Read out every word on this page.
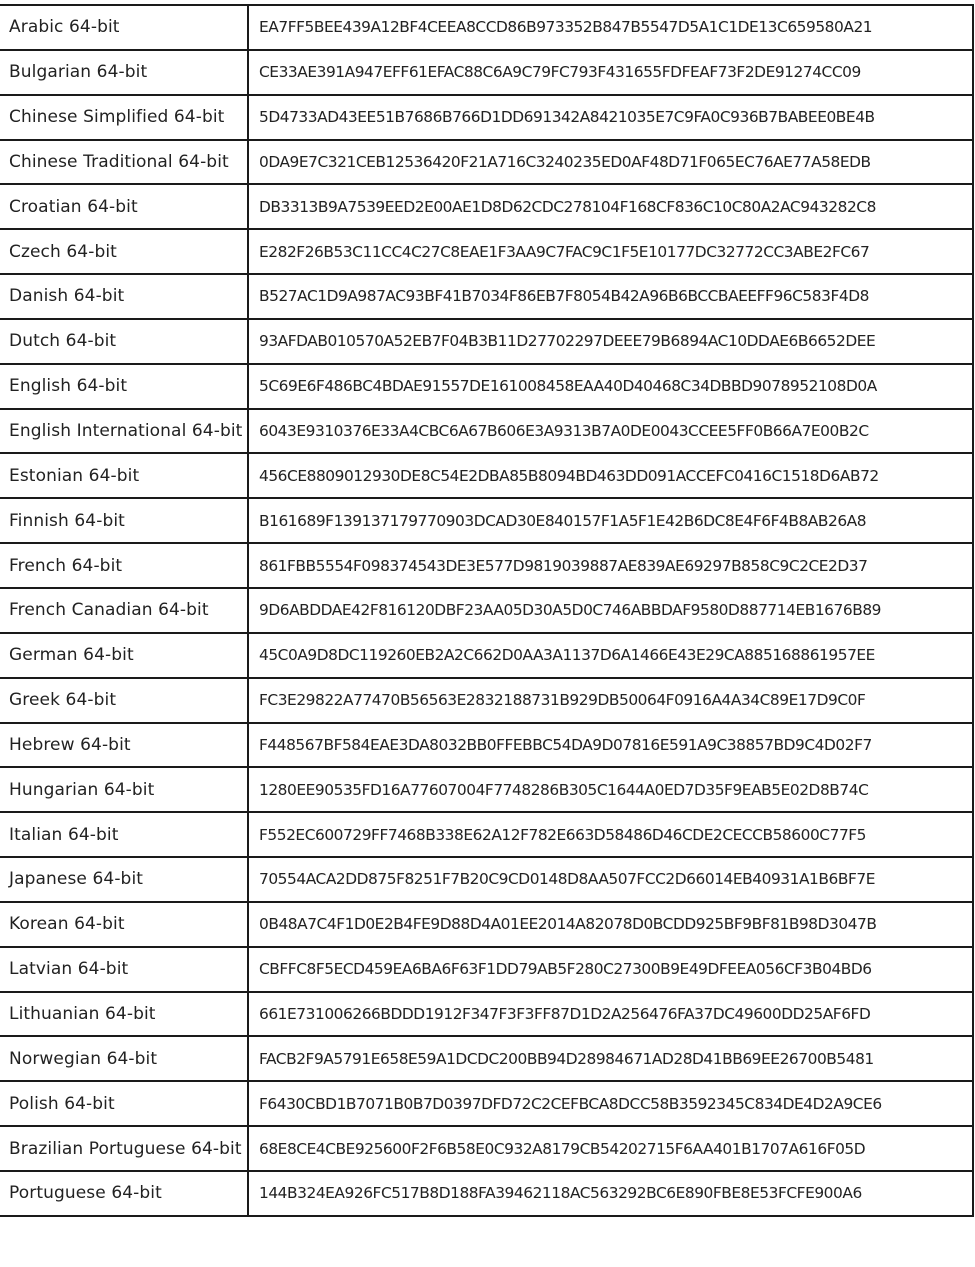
Arabic 64-bit	EA7FF5BEE439A12BF4CEEA8CCD86B973352B847B5547D5A1C1DE13C659580A21
Bulgarian 64-bit	CE33AE391A947EFF61EFAC88C6A9C79FC793F431655FDFEAF73F2DE91274CC09
Chinese Simplified 64-bit	5D4733AD43EE51B7686B766D1DD691342A8421035E7C9FA0C936B7BABEE0BE4B
Chinese Traditional 64-bit	0DA9E7C321CEB12536420F21A716C3240235ED0AF48D71F065EC76AE77A58EDB
Croatian 64-bit	DB3313B9A7539EED2E00AE1D8D62CDC278104F168CF836C10C80A2AC943282C8
Czech 64-bit	E282F26B53C11CC4C27C8EAE1F3AA9C7FAC9C1F5E10177DC32772CC3ABE2FC67
Danish 64-bit	B527AC1D9A987AC93BF41B7034F86EB7F8054B42A96B6BCCBAEEFF96C583F4D8
Dutch 64-bit	93AFDAB010570A52EB7F04B3B11D27702297DEEE79B6894AC10DDAE6B6652DEE
English 64-bit	5C69E6F486BC4BDAE91557DE161008458EAA40D40468C34DBBD9078952108D0A
English International 64-bit	6043E9310376E33A4CBC6A67B606E3A9313B7A0DE0043CCEE5FF0B66A7E00B2C
Estonian 64-bit	456CE8809012930DE8C54E2DBA85B8094BD463DD091ACCEFC0416C1518D6AB72
Finnish 64-bit	B161689F139137179770903DCAD30E840157F1A5F1E42B6DC8E4F6F4B8AB26A8
French 64-bit	861FBB5554F098374543DE3E577D9819039887AE839AE69297B858C9C2CE2D37
French Canadian 64-bit	9D6ABDDAE42F816120DBF23AA05D30A5D0C746ABBDAF9580D887714EB1676B89
German 64-bit	45C0A9D8DC119260EB2A2C662D0AA3A1137D6A1466E43E29CA885168861957EE
Greek 64-bit	FC3E29822A77470B56563E2832188731B929DB50064F0916A4A34C89E17D9C0F
Hebrew 64-bit	F448567BF584EAE3DA8032BB0FFEBBC54DA9D07816E591A9C38857BD9C4D02F7
Hungarian 64-bit	1280EE90535FD16A77607004F7748286B305C1644A0ED7D35F9EAB5E02D8B74C
Italian 64-bit	F552EC600729FF7468B338E62A12F782E663D58486D46CDE2CECCB58600C77F5
Japanese 64-bit	70554ACA2DD875F8251F7B20C9CD0148D8AA507FCC2D66014EB40931A1B6BF7E
Korean 64-bit	0B48A7C4F1D0E2B4FE9D88D4A01EE2014A82078D0BCDD925BF9BF81B98D3047B
Latvian 64-bit	CBFFC8F5ECD459EA6BA6F63F1DD79AB5F280C27300B9E49DFEEA056CF3B04BD6
Lithuanian 64-bit	661E731006266BDDD1912F347F3F3FF87D1D2A256476FA37DC49600DD25AF6FD
Norwegian 64-bit	FACB2F9A5791E658E59A1DCDC200BB94D28984671AD28D41BB69EE26700B5481
Polish 64-bit	F6430CBD1B7071B0B7D0397DFD72C2CEFBCA8DCC58B3592345C834DE4D2A9CE6
Brazilian Portuguese 64-bit	68E8CE4CBE925600F2F6B58E0C932A8179CB54202715F6AA401B1707A616F05D
Portuguese 64-bit	144B324EA926FC517B8D188FA39462118AC563292BC6E890FBE8E53FCFE900A6
